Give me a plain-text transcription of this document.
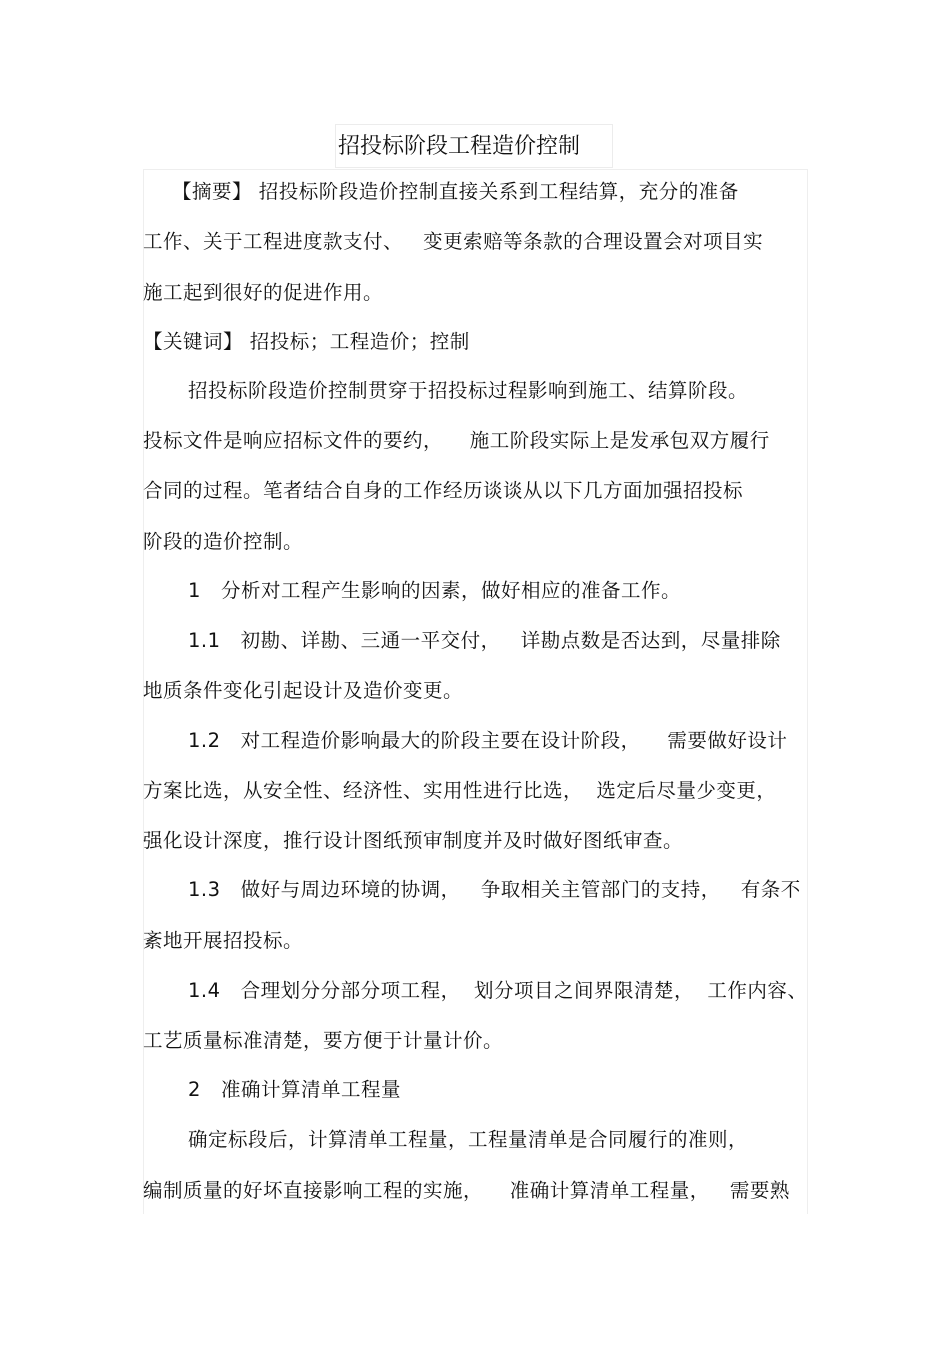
招投标阶段工程造价控制
【摘要】 招投标阶段造价控制直接关系到工程结算，充分的准备
工作、关于工程进度款支付、   变更索赔等条款的合理设置会对项目实
施工起到很好的促进作用。
【关键词】 招投标；工程造价；控制
招投标阶段造价控制贯穿于招投标过程影响到施工、结算阶段。
投标文件是响应招标文件的要约，    施工阶段实际上是发承包双方履行
合同的过程。笔者结合自身的工作经历谈谈从以下几方面加强招投标
阶段的造价控制。
1   分析对工程产生影响的因素，做好相应的准备工作。
1.1   初勘、详勘、三通一平交付，   详勘点数是否达到，尽量排除
地质条件变化引起设计及造价变更。
1.2   对工程造价影响最大的阶段主要在设计阶段，    需要做好设计
方案比选，从安全性、经济性、实用性进行比选，  选定后尽量少变更，
强化设计深度，推行设计图纸预审制度并及时做好图纸审查。
1.3   做好与周边环境的协调，   争取相关主管部门的支持，   有条不
紊地开展招投标。
1.4   合理划分分部分项工程，  划分项目之间界限清楚，  工作内容、
工艺质量标准清楚，要方便于计量计价。
2   准确计算清单工程量
确定标段后，计算清单工程量，工程量清单是合同履行的准则，
编制质量的好坏直接影响工程的实施，    准确计算清单工程量，   需要熟
